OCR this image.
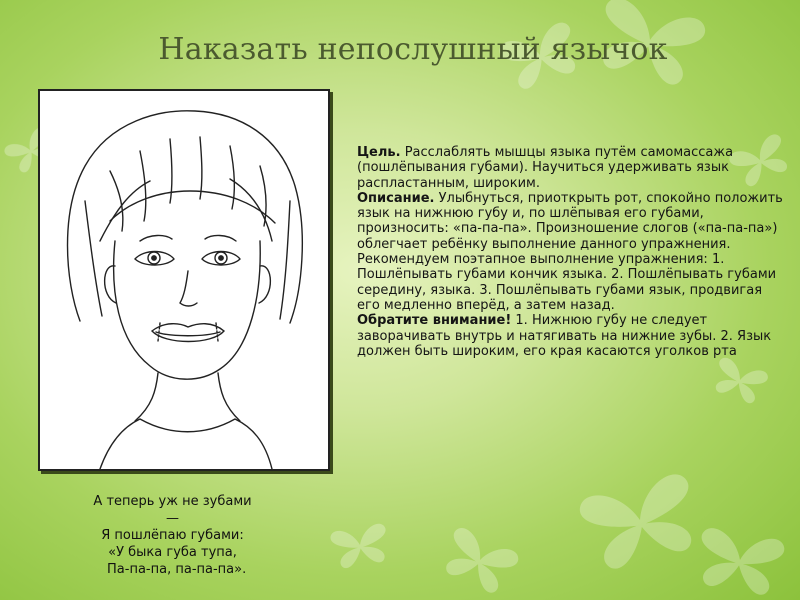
Наказать непослушный язычок

Цель. Расслаблять мышцы языка путём самомассажа (пошлёпывания губами). Научиться удерживать язык распластанным, широким.

Описание. Улыбнуться, приоткрыть рот, спокойно положить язык на нижнюю губу и, по шлёпывая его губами, произносить: «па-па-па». Произношение слогов («па-па-па») облегчает ребёнку выполнение данного упражнения. Рекомендуем поэтапное выполнение упражнения: 1. Пошлёпывать губами кончик языка. 2. Пошлёпывать губами середину, языка. 3. Пошлёпывать губами язык, продвигая его медленно вперёд, а затем назад.

Обратите внимание! 1. Нижнюю губу не следует заворачивать внутрь и натягивать на нижние зубы. 2. Язык должен быть широким, его края касаются уголков рта

А теперь уж не зубами
—
Я пошлёпаю губами:
«У быка губа тупа,
Па-па-па, па-па-па».
